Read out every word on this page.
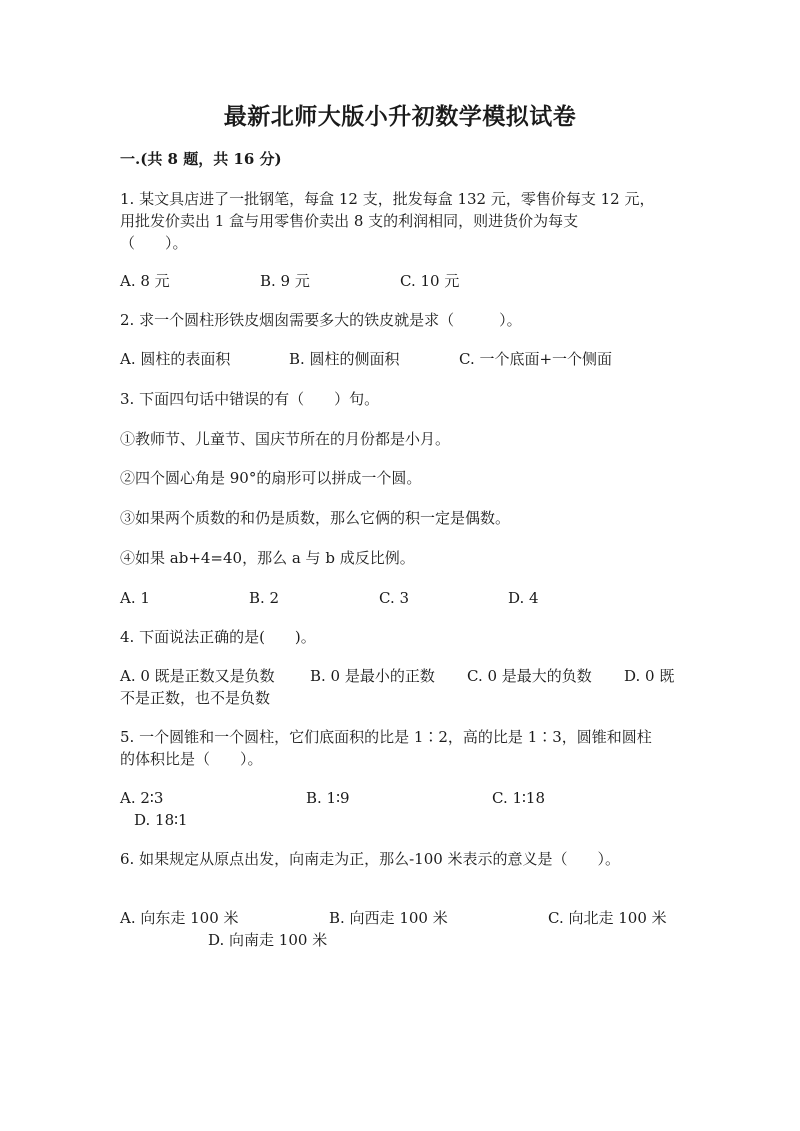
最新北师大版小升初数学模拟试卷
一.(共 8 题，共 16 分)
1. 某文具店进了一批钢笔，每盒 12 支，批发每盒 132 元，零售价每支 12 元，
用批发价卖出 1 盒与用零售价卖出 8 支的利润相同，则进货价为每支
（　　）。
A. 8 元	B. 9 元	C. 10 元
2. 求一个圆柱形铁皮烟囱需要多大的铁皮就是求（　　　）。
A. 圆柱的表面积	B. 圆柱的侧面积	C. 一个底面+一个侧面
3. 下面四句话中错误的有（　　）句。
①教师节、儿童节、国庆节所在的月份都是小月。
②四个圆心角是 90°的扇形可以拼成一个圆。
③如果两个质数的和仍是质数，那么它俩的积一定是偶数。
④如果 ab+4=40，那么 a 与 b 成反比例。
A. 1	B. 2	C. 3	D. 4
4. 下面说法正确的是(　　)。
A. 0 既是正数又是负数 B. 0 是最小的正数 C. 0 是最大的负数 D. 0 既
不是正数，也不是负数
5. 一个圆锥和一个圆柱，它们底面积的比是 1∶2，高的比是 1∶3，圆锥和圆柱
的体积比是（　　）。
A. 2∶3	B. 1∶9	C. 1∶18
D. 18∶1
6. 如果规定从原点出发，向南走为正，那么-100 米表示的意义是（　　）。
A. 向东走 100 米	B. 向西走 100 米	C. 向北走 100 米
D. 向南走 100 米
